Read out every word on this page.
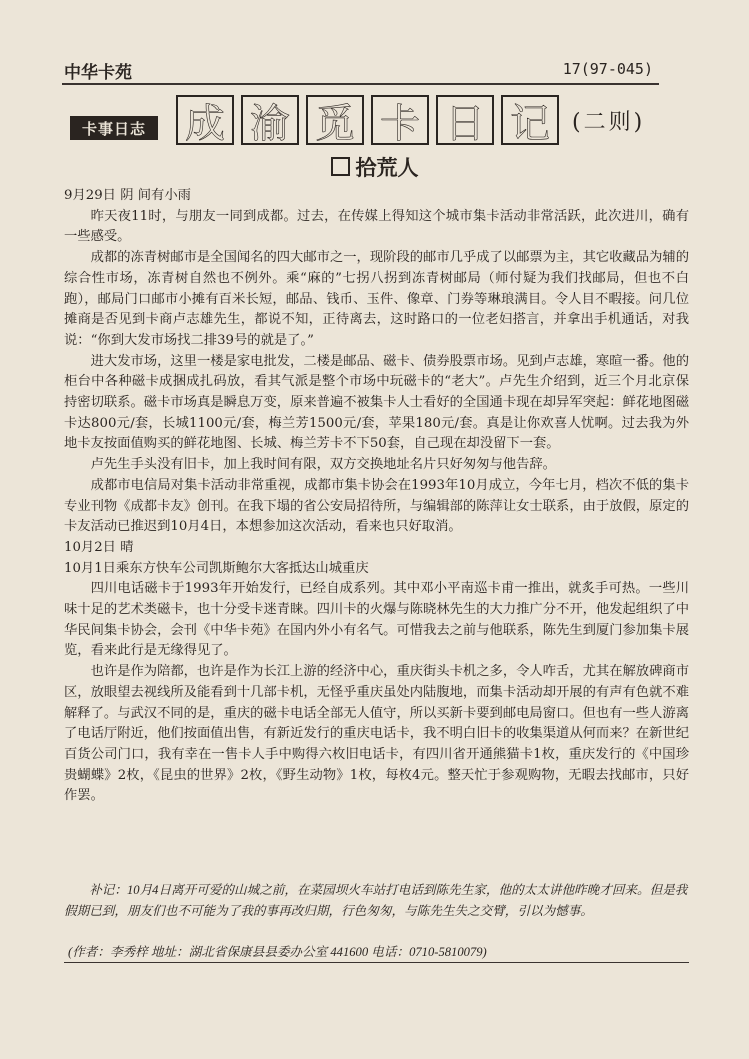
中华卡苑	17(97-045)
卡事日志 成 渝 觅 卡 日 记	(二则)
拾荒人

9月29日 阴 间有小雨

昨天夜11时，与朋友一同到成都。过去，在传媒上得知这个城市集卡活动非常活跃，此次进川，确有一些感受。

成都的冻青树邮市是全国闻名的四大邮市之一，现阶段的邮市几乎成了以邮票为主，其它收藏品为辅的综合性市场，冻青树自然也不例外。乘“麻的”七拐八拐到冻青树邮局（师付疑为我们找邮局，但也不白跑），邮局门口邮市小摊有百米长短，邮品、钱币、玉件、像章、门券等琳琅满目。令人目不暇接。问几位摊商是否见到卡商卢志雄先生，都说不知，正待离去，这时路口的一位老妇搭言，并拿出手机通话，对我说：“你到大发市场找二排39号的就是了。”

进大发市场，这里一楼是家电批发，二楼是邮品、磁卡、债券股票市场。见到卢志雄，寒暄一番。他的柜台中各种磁卡成捆成扎码放，看其气派是整个市场中玩磁卡的“老大”。卢先生介绍到，近三个月北京保持密切联系。磁卡市场真是瞬息万变，原来普遍不被集卡人士看好的全国通卡现在却异军突起：鲜花地图磁卡达800元/套，长城1100元/套，梅兰芳1500元/套，苹果180元/套。真是让你欢喜人忧啊。过去我为外地卡友按面值购买的鲜花地图、长城、梅兰芳卡不下50套，自己现在却没留下一套。

卢先生手头没有旧卡，加上我时间有限，双方交换地址名片只好匆匆与他告辞。

成都市电信局对集卡活动非常重视，成都市集卡协会在1993年10月成立，今年七月，档次不低的集卡专业刊物《成都卡友》创刊。在我下塌的省公安局招待所，与编辑部的陈萍让女士联系，由于放假，原定的卡友活动已推迟到10月4日，本想参加这次活动，看来也只好取消。

10月2日 晴

10月1日乘东方快车公司凯斯鲍尔大客抵达山城重庆

四川电话磁卡于1993年开始发行，已经自成系列。其中邓小平南巡卡甫一推出，就炙手可热。一些川味十足的艺术类磁卡，也十分受卡迷青睐。四川卡的火爆与陈晓林先生的大力推广分不开，他发起组织了中华民间集卡协会，会刊《中华卡苑》在国内外小有名气。可惜我去之前与他联系，陈先生到厦门参加集卡展览，看来此行是无缘得见了。

也许是作为陪都，也许是作为长江上游的经济中心，重庆街头卡机之多，令人咋舌，尤其在解放碑商市区，放眼望去视线所及能看到十几部卡机，无怪乎重庆虽处内陆腹地，而集卡活动却开展的有声有色就不难解释了。与武汉不同的是，重庆的磁卡电话全部无人值守，所以买新卡要到邮电局窗口。但也有一些人游离了电话厅附近，他们按面值出售，有新近发行的重庆电话卡，我不明白旧卡的收集渠道从何而来？在新世纪百货公司门口，我有幸在一售卡人手中购得六枚旧电话卡，有四川省开通熊猫卡1枚，重庆发行的《中国珍贵蝴蝶》2枚，《昆虫的世界》2枚，《野生动物》1枚，每枚4元。整天忙于参观购物，无暇去找邮市，只好作罢。

补记：10月4日离开可爱的山城之前，在菜园坝火车站打电话到陈先生家，他的太太讲他昨晚才回来。但是我假期已到，朋友们也不可能为了我的事再改归期，行色匆匆，与陈先生失之交臂，引以为憾事。

(作者：李秀梓 地址：湖北省保康县县委办公室 441600 电话：0710-5810079)
